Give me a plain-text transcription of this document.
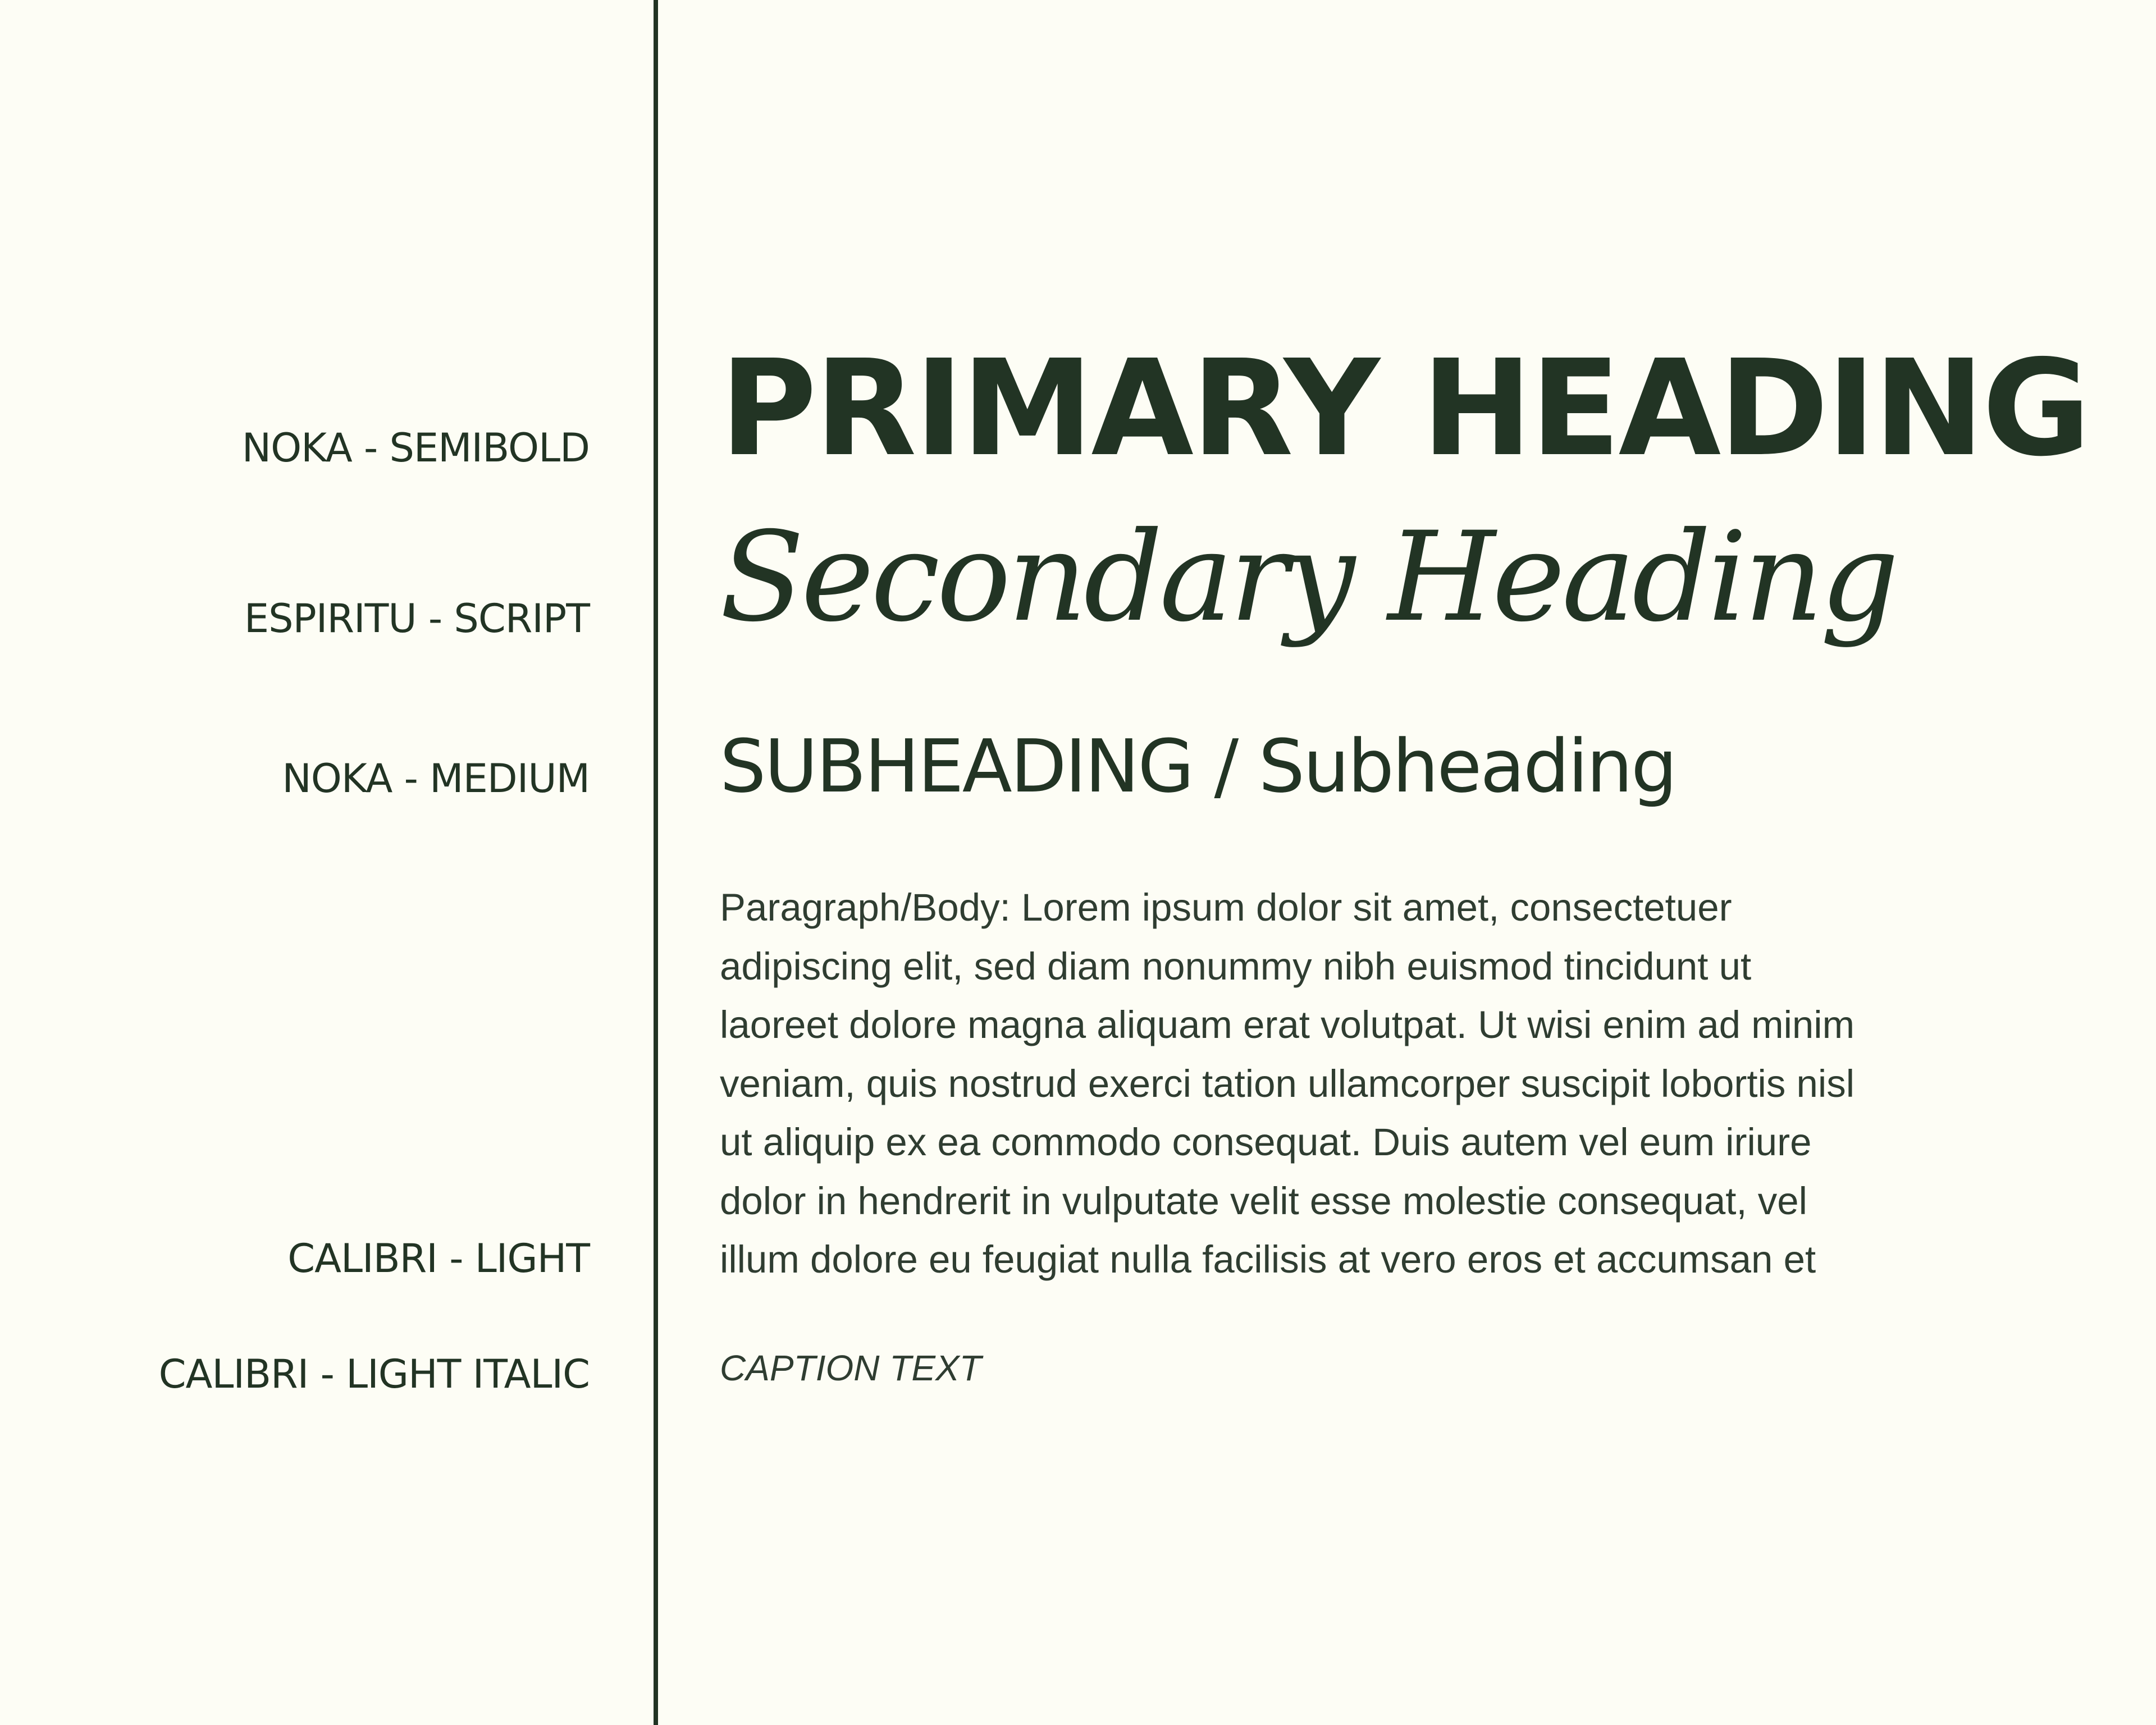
NOKA - SEMIBOLD
ESPIRITU - SCRIPT
NOKA - MEDIUM
CALIBRI - LIGHT
CALIBRI - LIGHT ITALIC
PRIMARY HEADING
Secondary Heading
SUBHEADING / Subheading
Paragraph/Body: Lorem ipsum dolor sit amet, consectetuer
adipiscing elit, sed diam nonummy nibh euismod tincidunt ut
laoreet dolore magna aliquam erat volutpat. Ut wisi enim ad minim
veniam, quis nostrud exerci tation ullamcorper suscipit lobortis nisl
ut aliquip ex ea commodo consequat. Duis autem vel eum iriure
dolor in hendrerit in vulputate velit esse molestie consequat, vel
illum dolore eu feugiat nulla facilisis at vero eros et accumsan et
CAPTION TEXT
